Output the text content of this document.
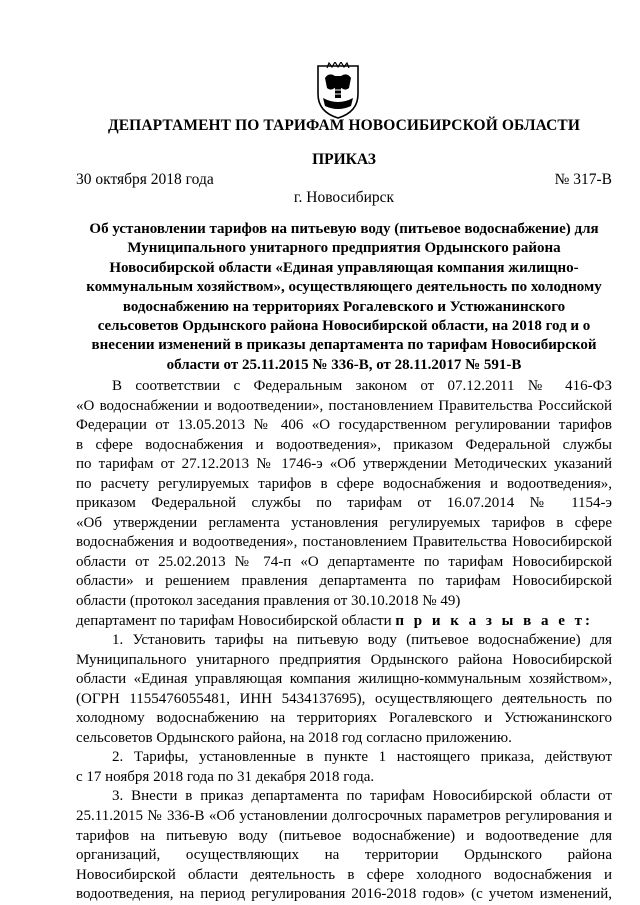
ДЕПАРТАМЕНТ ПО ТАРИФАМ НОВОСИБИРСКОЙ ОБЛАСТИ
ПРИКАЗ
30 октября 2018 года	№ 317-В
г. Новосибирск
Об установлении тарифов на питьевую воду (питьевое водоснабжение) для
Муниципального унитарного предприятия Ордынского района
Новосибирской области «Единая управляющая компания жилищно-
коммунальным хозяйством», осуществляющего деятельность по холодному
водоснабжению на территориях Рогалевского и Устюжанинского
сельсоветов Ордынского района Новосибирской области, на 2018 год и о
внесении изменений в приказы департамента по тарифам Новосибирской
области от 25.11.2015 № 336-В, от 28.11.2017 № 591-В
В соответствии с Федеральным законом от 07.12.2011 № 416-ФЗ
«О водоснабжении и водоотведении», постановлением Правительства Российской
Федерации от 13.05.2013 № 406 «О государственном регулировании тарифов
в сфере водоснабжения и водоотведения», приказом Федеральной службы
по тарифам от 27.12.2013 № 1746-э «Об утверждении Методических указаний
по расчету регулируемых тарифов в сфере водоснабжения и водоотведения»,
приказом Федеральной службы по тарифам от 16.07.2014 № 1154-э
«Об утверждении регламента установления регулируемых тарифов в сфере
водоснабжения и водоотведения», постановлением Правительства Новосибирской
области от 25.02.2013 № 74-п «О департаменте по тарифам Новосибирской
области» и решением правления департамента по тарифам Новосибирской
области (протокол заседания правления от 30.10.2018 № 49)
департамент по тарифам Новосибирской области п р и к а з ы в а е т:
1. Установить тарифы на питьевую воду (питьевое водоснабжение) для
Муниципального унитарного предприятия Ордынского района Новосибирской
области «Единая управляющая компания жилищно-коммунальным хозяйством»,
(ОГРН 1155476055481, ИНН 5434137695), осуществляющего деятельность по
холодному водоснабжению на территориях Рогалевского и Устюжанинского
сельсоветов Ордынского района, на 2018 год согласно приложению.
2. Тарифы, установленные в пункте 1 настоящего приказа, действуют
с 17 ноября 2018 года по 31 декабря 2018 года.
3. Внести в приказ департамента по тарифам Новосибирской области от
25.11.2015 № 336-В «Об установлении долгосрочных параметров регулирования и
тарифов на питьевую воду (питьевое водоснабжение) и водоотведение для
организаций, осуществляющих на территории Ордынского района
Новосибирской области деятельность в сфере холодного водоснабжения и
водоотведения, на период регулирования 2016-2018 годов» (с учетом изменений,
